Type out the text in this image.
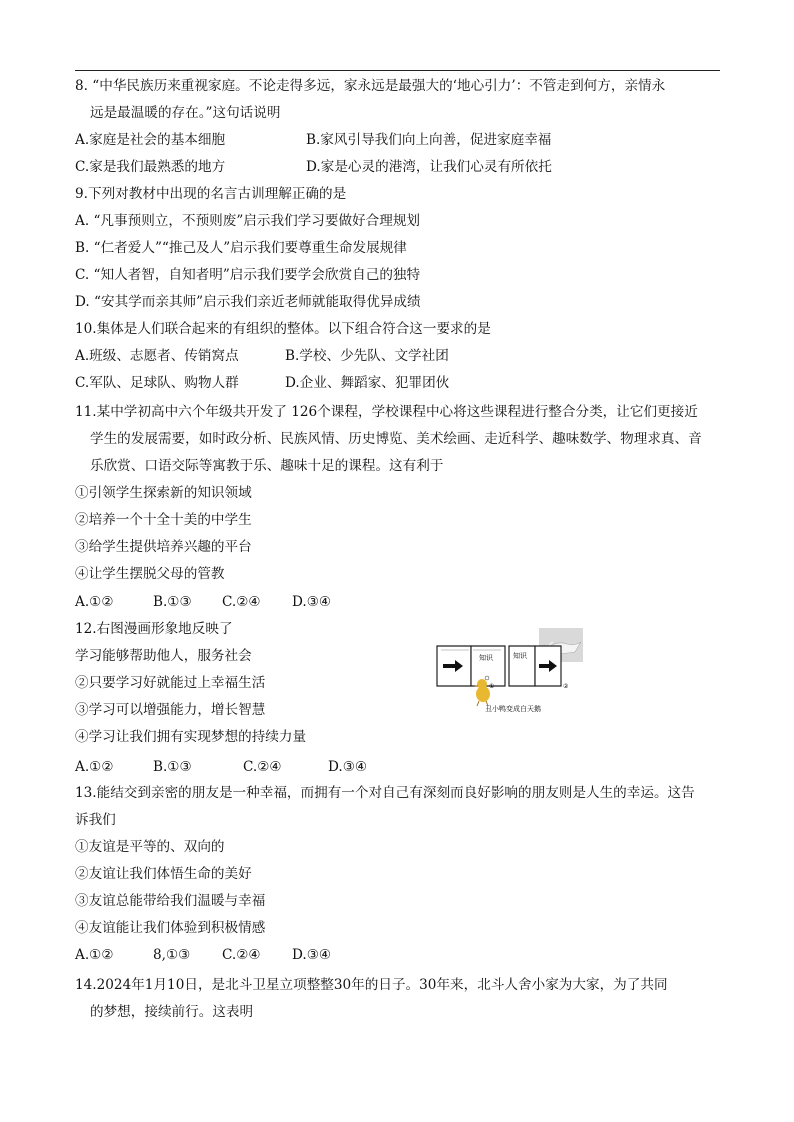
8. “中华民族历来重视家庭。不论走得多远，家永远是最强大的‘地心引力’：不管走到何方，亲情永
远是最温暖的存在。”这句话说明
A.家庭是社会的基本细胞	B.家风引导我们向上向善，促进家庭幸福
C.家是我们最熟悉的地方	D.家是心灵的港湾，让我们心灵有所依托
9.下列对教材中出现的名言古训理解正确的是
A. “凡事预则立，不预则废”启示我们学习要做好合理规划
B. “仁者爱人”“推己及人”启示我们要尊重生命发展规律
C. “知人者智，自知者明”启示我们要学会欣赏自己的独特
D. “安其学而亲其师”启示我们亲近老师就能取得优异成绩
10.集体是人们联合起来的有组织的整体。以下组合符合这一要求的是
A.班级、志愿者、传销窝点	B.学校、少先队、文学社团
C.军队、足球队、购物人群	D.企业、舞蹈家、犯罪团伙
11.某中学初高中六个年级共开发了 126个课程，学校课程中心将这些课程进行整合分类，让它们更接近
学生的发展需要，如时政分析、民族风情、历史博览、美术绘画、走近科学、趣味数学、物理求真、音
乐欣赏、口语交际等寓教于乐、趣味十足的课程。这有利于
①引领学生探索新的知识领域
②培养一个十全十美的中学生
③给学生提供培养兴趣的平台
④让学生摆脱父母的管教
A.①②	B.①③ C.②④ D.③④
12.右图漫画形象地反映了
学习能够帮助他人，服务社会
②只要学习好就能过上幸福生活
③学习可以增强能力，增长智慧
④学习让我们拥有实现梦想的持续力量
A.①②	B.①③	C.②④	D.③④
知识
①
知识
②
丑小鸭变成白天鹅
13.能结交到亲密的朋友是一种幸福，而拥有一个对自己有深刻而良好影响的朋友则是人生的幸运。这告
诉我们
①友谊是平等的、双向的
②友谊让我们体悟生命的美好
③友谊总能带给我们温暖与幸福
④友谊能让我们体验到积极情感
A.①②	8,①③ C.②④ D.③④
14.2024年1月10日，是北斗卫星立项整整30年的日子。30年来，北斗人舍小家为大家，为了共同
的梦想，接续前行。这表明
